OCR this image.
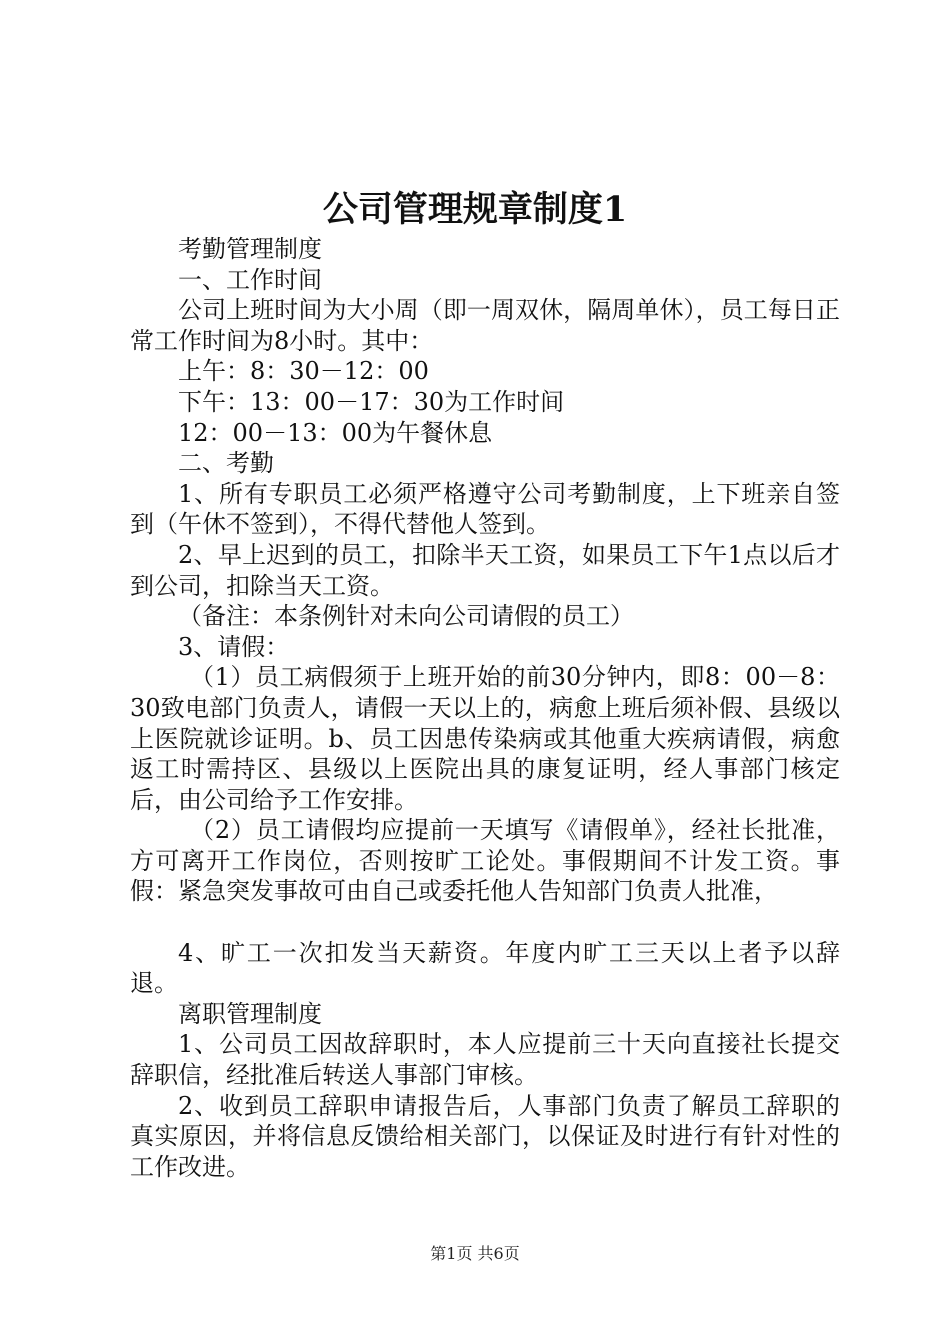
公司管理规章制度1

考勤管理制度

一、工作时间

公司上班时间为大小周（即一周双休，隔周单休），员工每日正常工作时间为8小时。其中：

上午：8：30－12：00

下午：13：00－17：30为工作时间

12：00－13：00为午餐休息

二、考勤

1、所有专职员工必须严格遵守公司考勤制度，上下班亲自签到（午休不签到），不得代替他人签到。

2、早上迟到的员工，扣除半天工资，如果员工下午1点以后才到公司，扣除当天工资。

（备注：本条例针对未向公司请假的员工）

3、请假：

（1）员工病假须于上班开始的前30分钟内，即8：00－8：30致电部门负责人，请假一天以上的，病愈上班后须补假、县级以上医院就诊证明。b、员工因患传染病或其他重大疾病请假，病愈返工时需持区、县级以上医院出具的康复证明，经人事部门核定后，由公司给予工作安排。

（2）员工请假均应提前一天填写《请假单》，经社长批准，方可离开工作岗位，否则按旷工论处。事假期间不计发工资。事假：紧急突发事故可由自己或委托他人告知部门负责人批准，

4、旷工一次扣发当天薪资。年度内旷工三天以上者予以辞退。

离职管理制度

1、公司员工因故辞职时，本人应提前三十天向直接社长提交辞职信，经批准后转送人事部门审核。

2、收到员工辞职申请报告后，人事部门负责了解员工辞职的真实原因，并将信息反馈给相关部门，以保证及时进行有针对性的工作改进。

第1页 共6页
